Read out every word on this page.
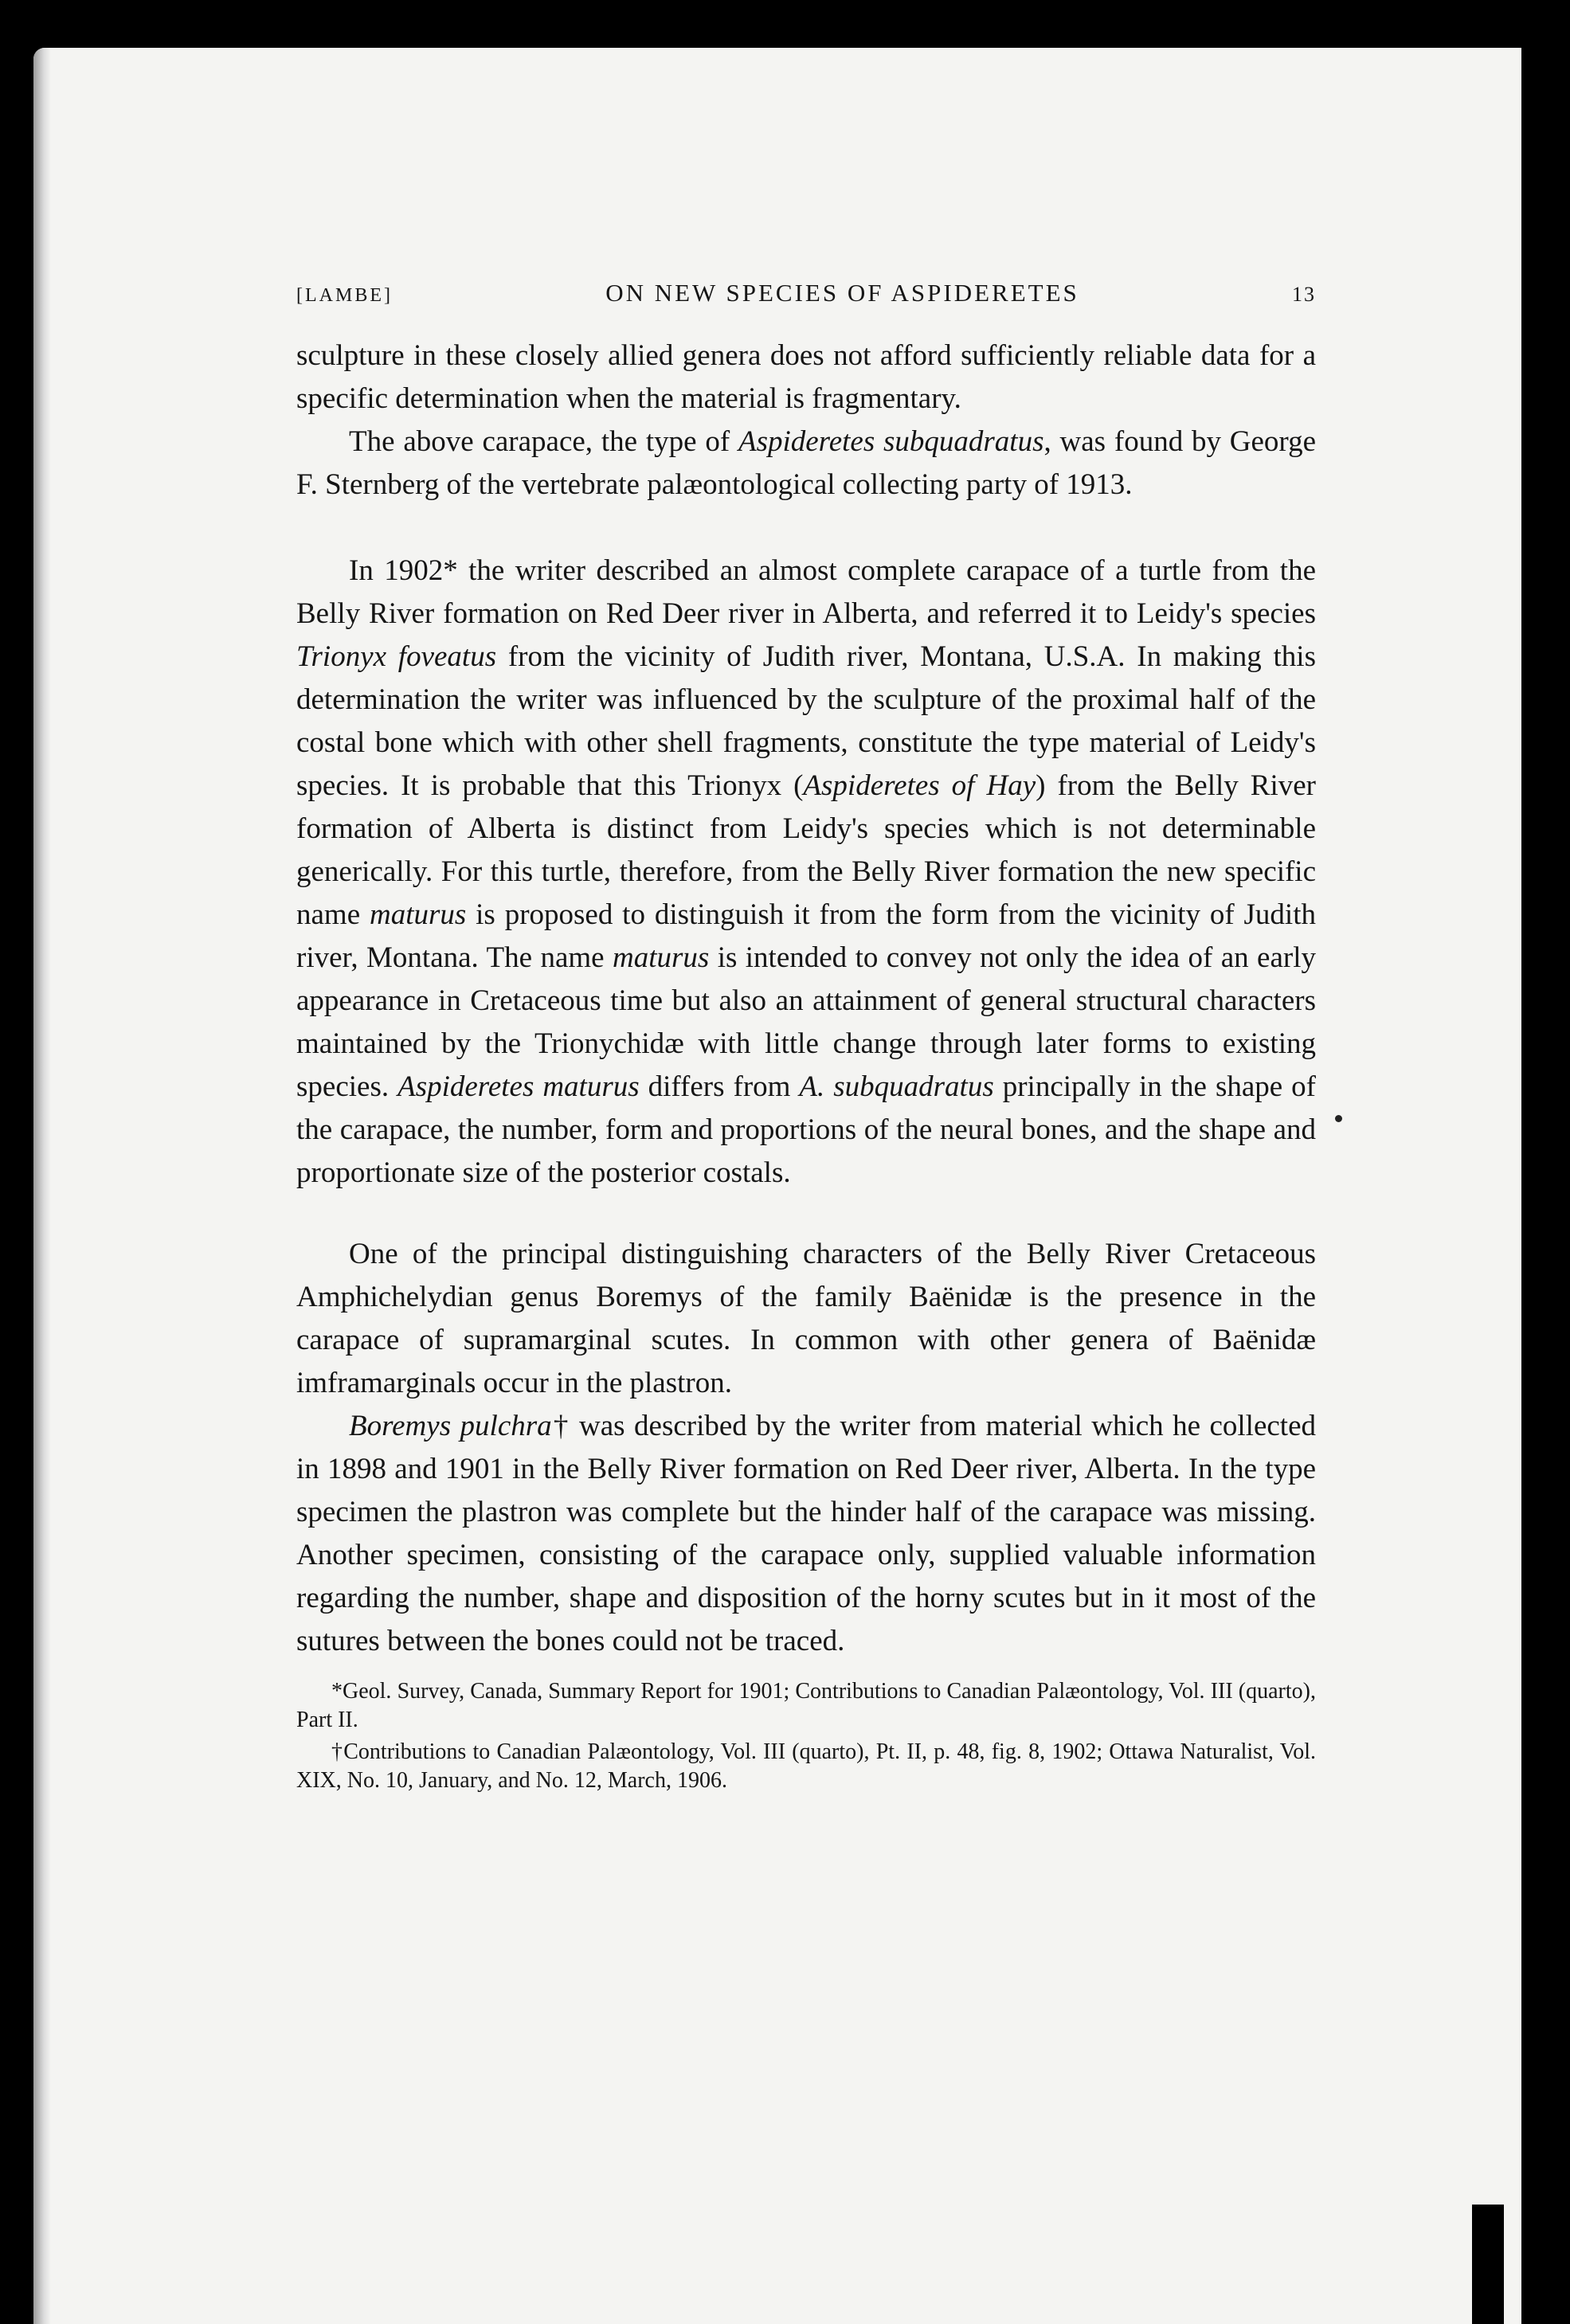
[LAMBE]	ON NEW SPECIES OF ASPIDERETES	13

sculpture in these closely allied genera does not afford sufficiently reliable data for a specific determination when the material is fragmentary.

The above carapace, the type of Aspideretes subquadratus, was found by George F. Sternberg of the vertebrate palæontological collecting party of 1913.

In 1902* the writer described an almost complete carapace of a turtle from the Belly River formation on Red Deer river in Alberta, and referred it to Leidy's species Trionyx foveatus from the vicinity of Judith river, Montana, U.S.A. In making this determination the writer was influenced by the sculpture of the proximal half of the costal bone which with other shell fragments, constitute the type material of Leidy's species. It is probable that this Trionyx (Aspideretes of Hay) from the Belly River formation of Alberta is distinct from Leidy's species which is not determinable generically. For this turtle, therefore, from the Belly River formation the new specific name maturus is proposed to distinguish it from the form from the vicinity of Judith river, Montana. The name maturus is intended to convey not only the idea of an early appearance in Cretaceous time but also an attainment of general structural characters maintained by the Trionychidæ with little change through later forms to existing species. Aspideretes maturus differs from A. subquadratus principally in the shape of the carapace, the number, form and proportions of the neural bones, and the shape and proportionate size of the posterior costals.

One of the principal distinguishing characters of the Belly River Cretaceous Amphichelydian genus Boremys of the family Baënidæ is the presence in the carapace of supramarginal scutes. In common with other genera of Baënidæ imframarginals occur in the plastron.

Boremys pulchra† was described by the writer from material which he collected in 1898 and 1901 in the Belly River formation on Red Deer river, Alberta. In the type specimen the plastron was complete but the hinder half of the carapace was missing. Another specimen, consisting of the carapace only, supplied valuable information regarding the number, shape and disposition of the horny scutes but in it most of the sutures between the bones could not be traced.

*Geol. Survey, Canada, Summary Report for 1901; Contributions to Canadian Palæontology, Vol. III (quarto), Part II.

†Contributions to Canadian Palæontology, Vol. III (quarto), Pt. II, p. 48, fig. 8, 1902; Ottawa Naturalist, Vol. XIX, No. 10, January, and No. 12, March, 1906.
